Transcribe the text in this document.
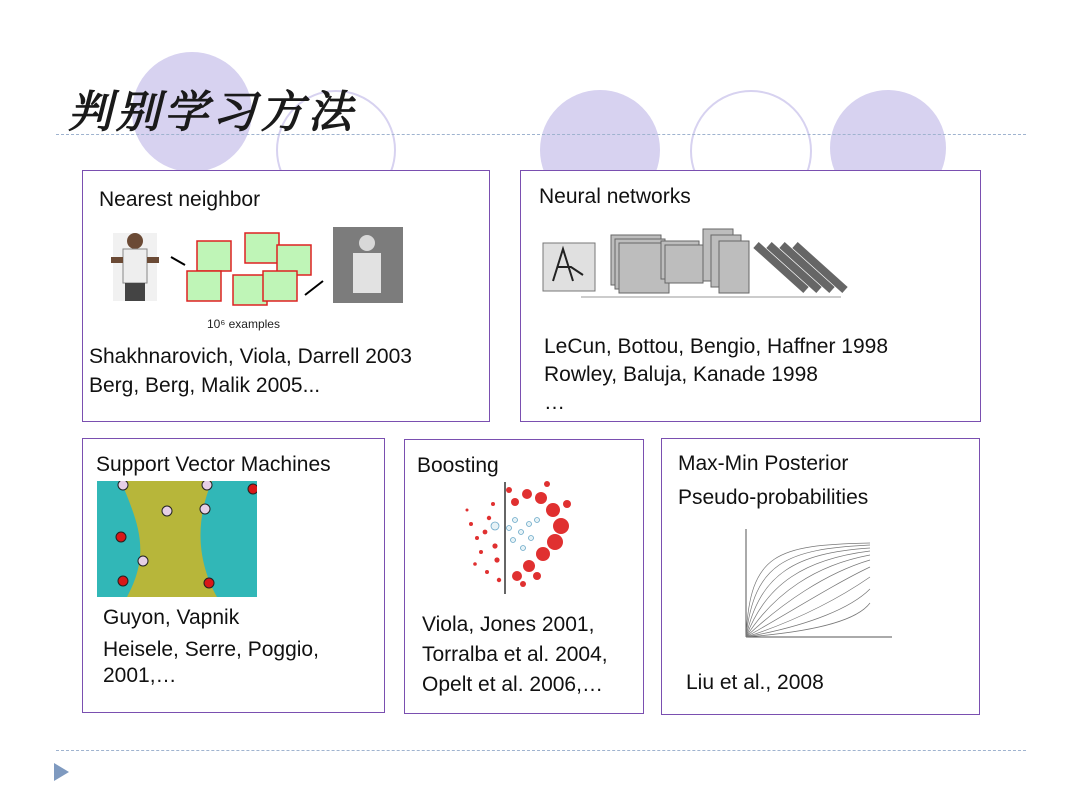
判别学习方法
Nearest neighbor
10⁶ examples
Shakhnarovich, Viola, Darrell 2003
Berg, Berg, Malik 2005...
Neural networks
LeCun, Bottou, Bengio, Haffner 1998
Rowley, Baluja, Kanade 1998
…
Support Vector Machines
Guyon, Vapnik
Heisele, Serre, Poggio,
2001,…
Boosting
Viola, Jones 2001,
Torralba et al. 2004,
Opelt et al. 2006,…
Max-Min Posterior
Pseudo-probabilities
Liu et al., 2008
